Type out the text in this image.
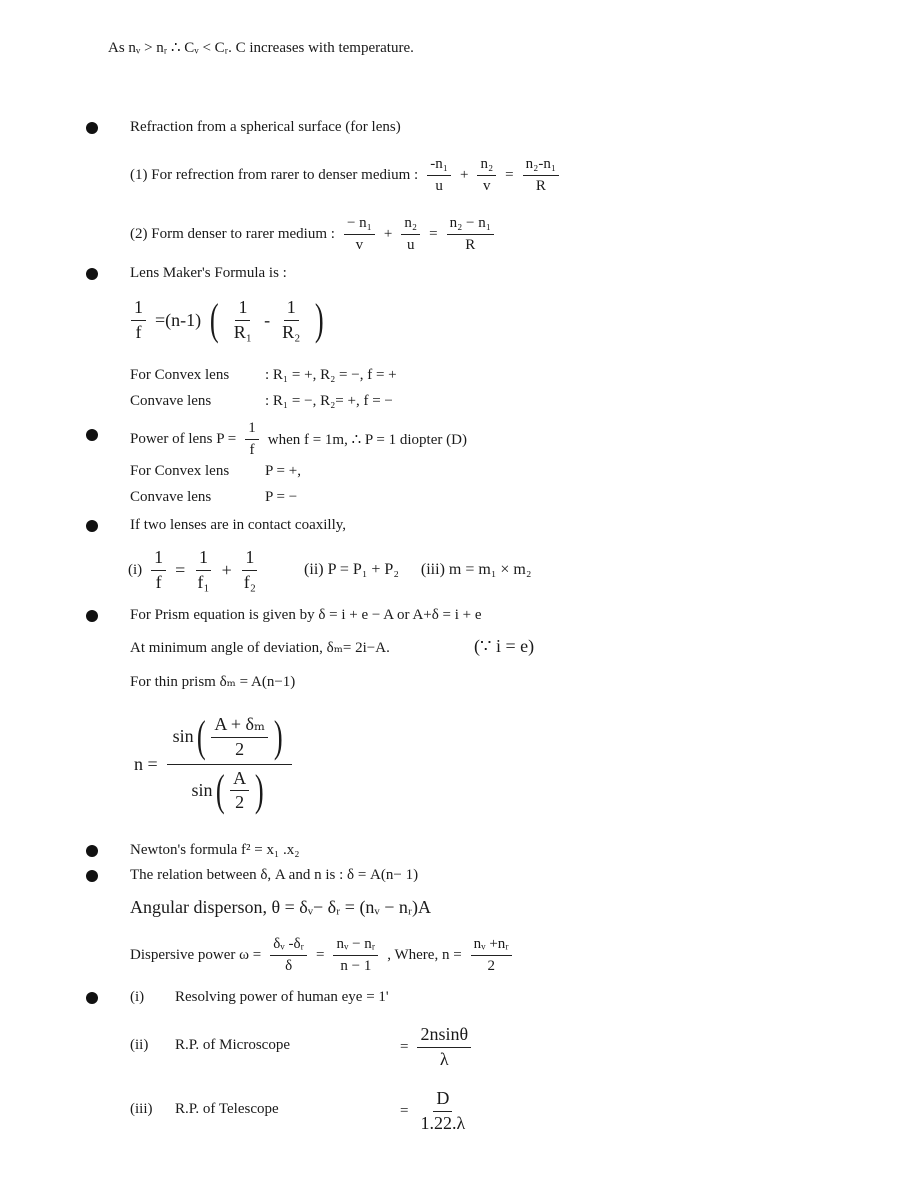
As nᵥ > nᵣ ∴ Cᵥ < Cᵣ. C increases with temperature.
Refraction from a spherical surface (for lens)
(1) For refrection from rarer to denser medium : $\frac{\text{-n₁}}{u} + \frac{\text{n₂}}{v} = \frac{\text{n₂-n₁}}{R}$
(2) Form denser to rarer medium : $\frac{\text{− n₁}}{v} + \frac{\text{n₂}}{u} = \frac{\text{n₂ − n₁}}{R}$
Lens Maker's Formula is :
$\frac{1}{f} =(n-1)$ ( $\frac{1}{\text{R₁}} - \frac{1}{\text{R₂}}$ )
For Convex lens : R₁ = +, R₂ = −, f = +
Convave lens	: R₁ = −, R₂= +, f = −
Power of lens $P = \frac{1}{f}$ when f = 1m, ∴ P = 1 diopter (D)
For Convex lens P = +,
Convave lens	P = −
If two lenses are in contact coaxilly,
$(i) \frac{1}{f} = \frac{1}{\text{f₁}} + \frac{1}{\text{f₂}}$	(ii) P = P₁ + P₂ (iii) m = m₁ × m₂
For Prism equation is given by δ = i + e − A or A+δ = i + e
At minimum angle of deviation, δₘ= 2i−A.	(∵ i = e)
For thin prism δₘ = A(n−1)
$n = \frac{\sin ( \frac{\text{A + δₘ}}{2} )}{\sin ( \frac{A}{2} )}$
Newton's formula f² = x₁ .x₂
The relation between δ, A and n is : δ = A(n− 1)
Angular disperson, θ = δᵥ− δᵣ = (nᵥ − nᵣ)A
Dispersive power $\omega = \frac{\text{δᵥ -δᵣ}}{\delta} = \frac{\text{nᵥ − nᵣ}}{n - 1}$ , Where, $n = \frac{\text{nᵥ +nᵣ}}{2}$
(i) Resolving power of human eye = 1'
(ii) R.P. of Microscope	= $\frac{2nsin\theta}{\lambda}$
(iii) R.P. of Telescope	= $\frac{D}{1.22.\lambda}$
